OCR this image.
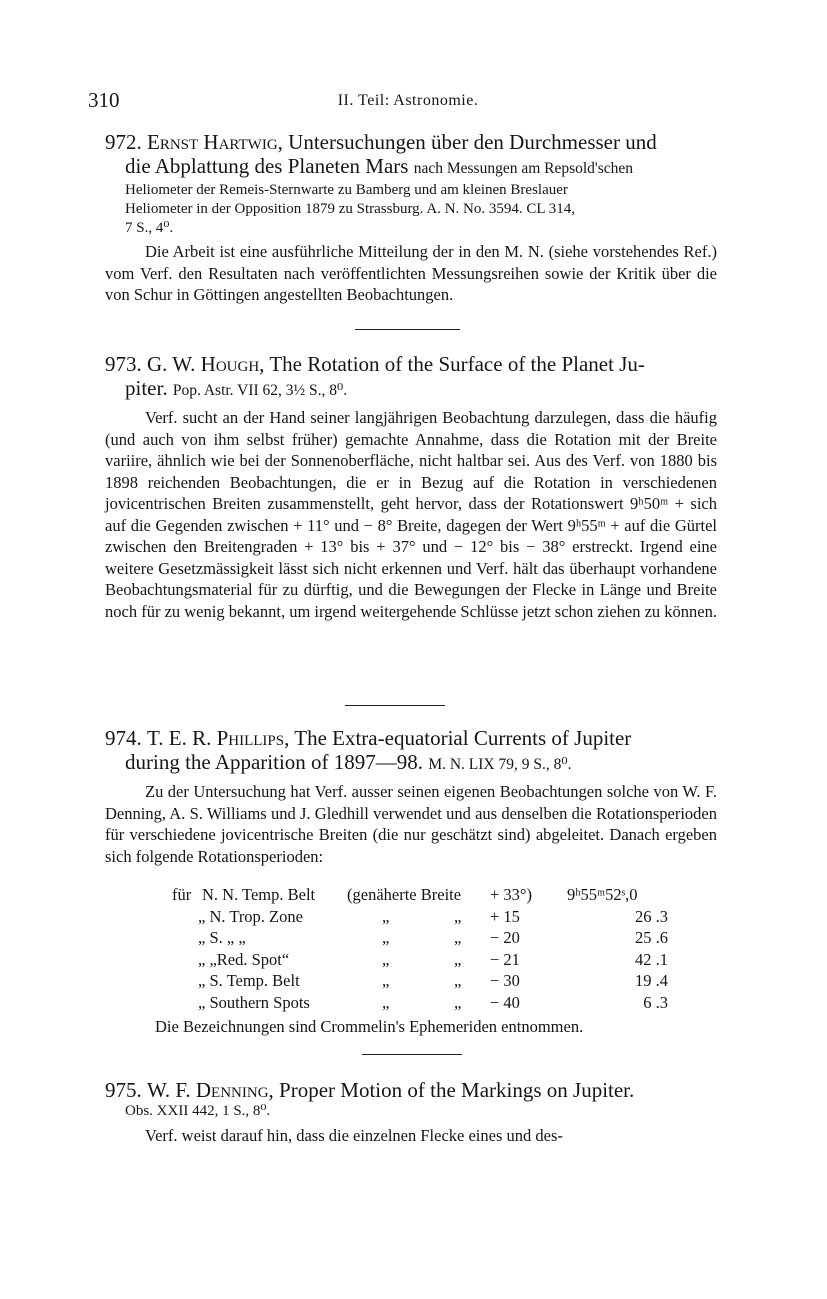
310	II. Teil: Astronomie.

972. Ernst Hartwig, Untersuchungen über den Durchmesser und

die Abplattung des Planeten Mars nach Messungen am Repsold'schen

Heliometer der Remeis-Sternwarte zu Bamberg und am kleinen Breslauer

Heliometer in der Opposition 1879 zu Strassburg. A. N. No. 3594. CL 314,

7 S., 4⁰.

Die Arbeit ist eine ausführliche Mitteilung der in den M. N. (siehe vorstehendes Ref.) vom Verf. den Resultaten nach veröffentlichten Messungsreihen sowie der Kritik über die von Schur in Göttingen angestellten Beobachtungen.

973. G. W. Hough, The Rotation of the Surface of the Planet Ju-

piter. Pop. Astr. VII 62, 3½ S., 8⁰.

Verf. sucht an der Hand seiner langjährigen Beobachtung darzulegen, dass die häufig (und auch von ihm selbst früher) gemachte Annahme, dass die Rotation mit der Breite variire, ähnlich wie bei der Sonnenoberfläche, nicht haltbar sei. Aus des Verf. von 1880 bis 1898 reichenden Beobachtungen, die er in Bezug auf die Rotation in verschiedenen jovicentrischen Breiten zusammenstellt, geht hervor, dass der Rotationswert 9ʰ50ᵐ + sich auf die Gegenden zwischen + 11° und − 8° Breite, dagegen der Wert 9ʰ55ᵐ + auf die Gürtel zwischen den Breitengraden + 13° bis + 37° und − 12° bis − 38° erstreckt. Irgend eine weitere Gesetzmässigkeit lässt sich nicht erkennen und Verf. hält das überhaupt vorhandene Beobachtungsmaterial für zu dürftig, und die Bewegungen der Flecke in Länge und Breite noch für zu wenig bekannt, um irgend weitergehende Schlüsse jetzt schon ziehen zu können.

974. T. E. R. Phillips, The Extra-equatorial Currents of Jupiter

during the Apparition of 1897—98. M. N. LIX 79, 9 S., 8⁰.

Zu der Untersuchung hat Verf. ausser seinen eigenen Beobachtungen solche von W. F. Denning, A. S. Williams und J. Gledhill verwendet und aus denselben die Rotationsperioden für verschiedene jovicentrische Breiten (die nur geschätzt sind) abgeleitet. Danach ergeben sich folgende Rotationsperioden:

für N. N. Temp. Belt (genäherte Breite + 33°) 9ʰ55ᵐ52ˢ,0
„ N. Trop. Zone	„	„ + 15	26 .3
„ S. „ „	„	„ − 20	25 .6
„ „Red. Spot“	„	„ − 21	42 .1
„ S. Temp. Belt	„	„ − 30	19 .4
„ Southern Spots	„	„ − 40	6 .3

Die Bezeichnungen sind Crommelin's Ephemeriden entnommen.

975. W. F. Denning, Proper Motion of the Markings on Jupiter.

Obs. XXII 442, 1 S., 8⁰.

Verf. weist darauf hin, dass die einzelnen Flecke eines und des-
